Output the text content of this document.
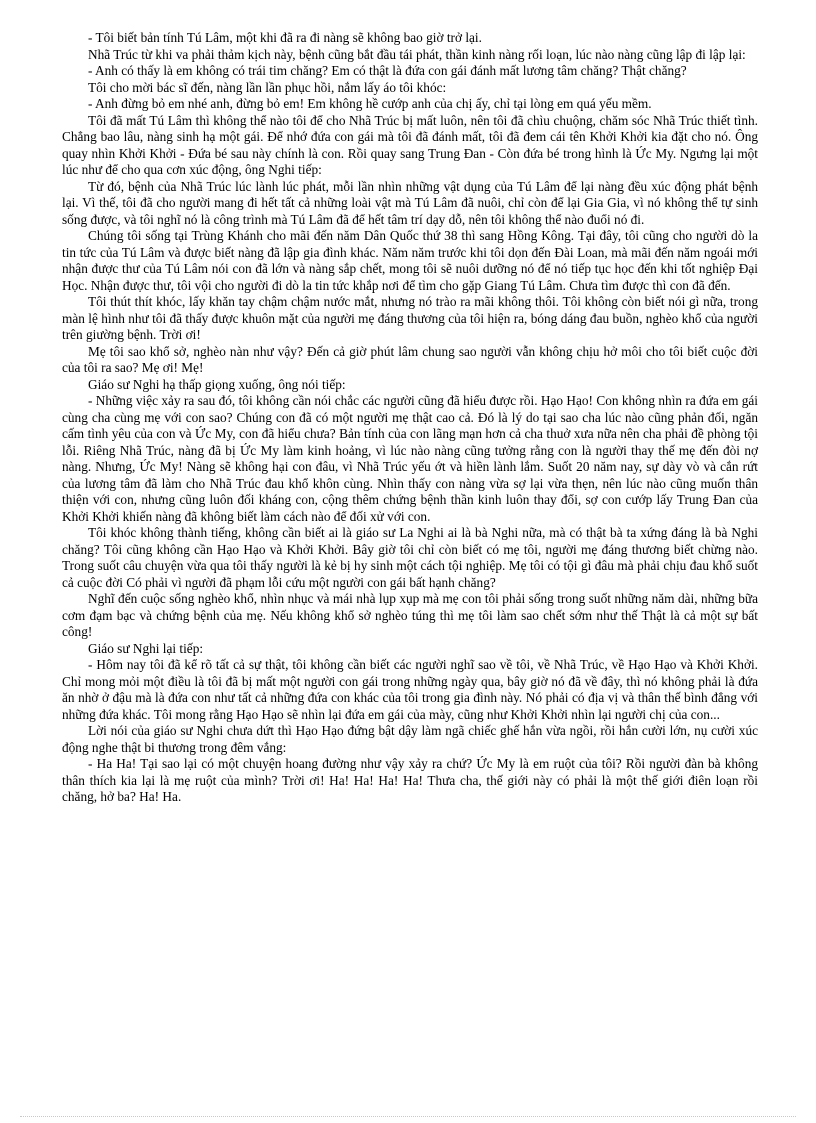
- Tôi biết bản tính Tú Lâm, một khi đã ra đi nàng sẽ không bao giờ trở lại.

Nhã Trúc từ khi va phải thảm kịch này, bệnh cũng bắt đầu tái phát, thần kinh nàng rối loạn, lúc nào nàng cũng lập đi lập lại:

- Anh có thấy là em không có trái tim chăng? Em có thật là đứa con gái đánh mất lương tâm chăng? Thật chăng?

Tôi cho mời bác sĩ đến, nàng lần lần phục hồi, nắm lấy áo tôi khóc:

- Anh đừng bỏ em nhé anh, đừng bỏ em! Em không hề cướp anh của chị ấy, chỉ tại lòng em quá yếu mềm.

Tôi đã mất Tú Lâm thì không thể nào tôi để cho Nhã Trúc bị mất luôn, nên tôi đã chìu chuộng, chăm sóc Nhã Trúc thiết tình. Chẳng bao lâu, nàng sinh hạ một gái. Để nhớ đứa con gái mà tôi đã đánh mất, tôi đã đem cái tên Khởi Khởi kia đặt cho nó. Ông quay nhìn Khởi Khởi - Đứa bé sau này chính là con. Rồi quay sang Trung Đan - Còn đứa bé trong hình là Ức My. Ngưng lại một lúc như để cho qua cơn xúc động, ông Nghi tiếp:

Từ đó, bệnh của Nhã Trúc lúc lành lúc phát, mỗi lần nhìn những vật dụng của Tú Lâm để lại nàng đều xúc động phát bệnh lại. Vì thế, tôi đã cho người mang đi hết tất cả những loài vật mà Tú Lâm đã nuôi, chỉ còn để lại Gia Gia, vì nó không thể tự sinh sống được, và tôi nghĩ nó là công trình mà Tú Lâm đã để hết tâm trí dạy dỗ, nên tôi không thể nào đuổi nó đi.

Chúng tôi sống tại Trùng Khánh cho mãi đến năm Dân Quốc thứ 38 thì sang Hồng Kông. Tại đây, tôi cũng cho người dò la tin tức của Tú Lâm và được biết nàng đã lập gia đình khác. Năm năm trước khi tôi dọn đến Đài Loan, mà mãi đến năm ngoái mới nhận được thư của Tú Lâm nói con đã lớn và nàng sắp chết, mong tôi sẽ nuôi dưỡng nó để nó tiếp tục học đến khi tốt nghiệp Đại Học. Nhận được thư, tôi vội cho người đi dò la tin tức khắp nơi để tìm cho gặp Giang Tú Lâm. Chưa tìm được thì con đã đến.

Tôi thút thít khóc, lấy khăn tay chậm chậm nước mắt, nhưng nó trào ra mãi không thôi. Tôi không còn biết nói gì nữa, trong màn lệ hình như tôi đã thấy được khuôn mặt của người mẹ đáng thương của tôi hiện ra, bóng dáng đau buồn, nghèo khổ của người trên giường bệnh. Trời ơi!

Mẹ tôi sao khổ sở, nghèo nàn như vậy? Đến cả giờ phút lâm chung sao người vẫn không chịu hở môi cho tôi biết cuộc đời của tôi ra sao? Mẹ ơi! Mẹ!

Giáo sư Nghi hạ thấp giọng xuống, ông nói tiếp:

- Những việc xảy ra sau đó, tôi không cần nói chắc các người cũng đã hiểu được rồi. Hạo Hạo! Con không nhìn ra đứa em gái cùng cha cùng mẹ với con sao? Chúng con đã có một người mẹ thật cao cả. Đó là lý do tại sao cha lúc nào cũng phản đối, ngăn cấm tình yêu của con và Ức My, con đã hiểu chưa? Bản tính của con lãng mạn hơn cả cha thuở xưa nữa nên cha phải đề phòng tội lỗi. Riêng Nhã Trúc, nàng đã bị Ức My làm kinh hoảng, vì lúc nào nàng cũng tưởng rằng con là người thay thế mẹ đến đòi nợ nàng. Nhưng, Ức My! Nàng sẽ không hại con đâu, vì Nhã Trúc yếu ớt và hiền lành lắm. Suốt 20 năm nay, sự dày vò và cắn rứt của lương tâm đã làm cho Nhã Trúc đau khổ khôn cùng. Nhìn thấy con nàng vừa sợ lại vừa thẹn, nên lúc nào cũng muốn thân thiện với con, nhưng cũng luôn đối kháng con, cộng thêm chứng bệnh thần kinh luôn thay đổi, sợ con cướp lấy Trung Đan của Khởi Khởi khiến nàng đã không biết làm cách nào để đối xử với con.

Tôi khóc không thành tiếng, không cần biết ai là giáo sư La Nghi ai là bà Nghi nữa, mà có thật bà ta xứng đáng là bà Nghi chăng? Tôi cũng không cần Hạo Hạo và Khởi Khởi. Bây giờ tôi chỉ còn biết có mẹ tôi, người mẹ đáng thương biết chừng nào. Trong suốt câu chuyện vừa qua tôi thấy người là kẻ bị hy sinh một cách tội nghiệp. Mẹ tôi có tội gì đâu mà phải chịu đau khổ suốt cả cuộc đời Có phải vì người đã phạm lỗi cứu một người con gái bất hạnh chăng?

Nghĩ đến cuộc sống nghèo khổ, nhìn nhục và mái nhà lụp xụp mà mẹ con tôi phải sống trong suốt những năm dài, những bữa cơm đạm bạc và chứng bệnh của mẹ. Nếu không khổ sở nghèo túng thì mẹ tôi làm sao chết sớm như thế Thật là cả một sự bất công!

Giáo sư Nghi lại tiếp:

- Hôm nay tôi đã kể rõ tất cả sự thật, tôi không cần biết các người nghĩ sao về tôi, về Nhã Trúc, về Hạo Hạo và Khởi Khởi. Chỉ mong mỏi một điều là tôi đã bị mất một người con gái trong những ngày qua, bây giờ nó đã về đây, thì nó không phải là đứa ăn nhờ ở đậu mà là đứa con như tất cả những đứa con khác của tôi trong gia đình này. Nó phải có địa vị và thân thế bình đẳng với những đứa khác. Tôi mong rằng Hạo Hạo sẽ nhìn lại đứa em gái của mày, cũng như Khởi Khởi nhìn lại người chị của con...

Lời nói của giáo sư Nghi chưa dứt thì Hạo Hạo đứng bật dậy làm ngã chiếc ghế hắn vừa ngồi, rồi hắn cười lớn, nụ cười xúc động nghe thật bi thương trong đêm vắng:

- Ha Ha! Tại sao lại có một chuyện hoang đường như vậy xảy ra chứ? Ức My là em ruột của tôi? Rồi người đàn bà không thân thích kia lại là mẹ ruột của mình? Trời ơi! Ha! Ha! Ha! Ha! Thưa cha, thế giới này có phải là một thế giới điên loạn rồi chăng, hở ba? Ha! Ha.
